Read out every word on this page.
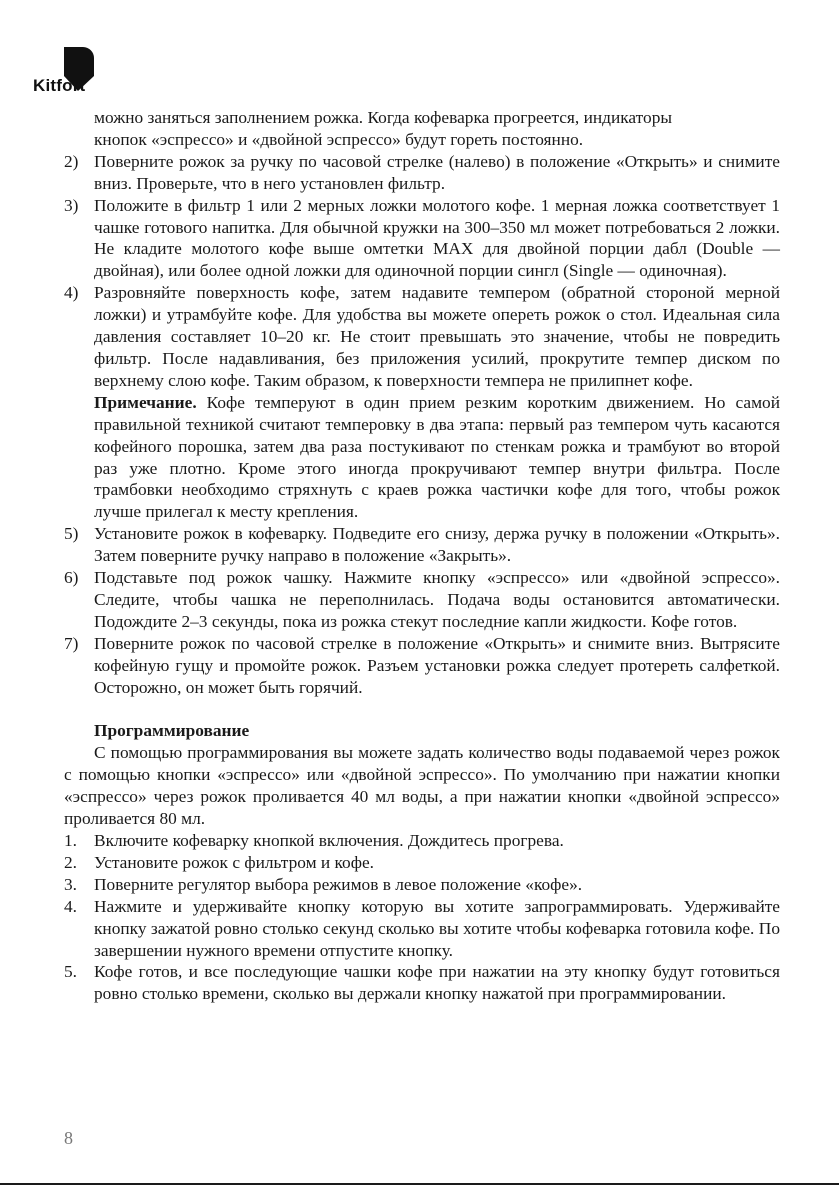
Kitfort
можно заняться заполнением рожка. Когда кофеварка прогреется, индикаторы
кнопок «эспрессо» и «двойной эспрессо» будут гореть постоянно.
2) Поверните рожок за ручку по часовой стрелке (налево) в положение «Открыть» и снимите вниз. Проверьте, что в него установлен фильтр.
3) Положите в фильтр 1 или 2 мерных ложки молотого кофе. 1 мерная ложка соответствует 1 чашке готового напитка. Для обычной кружки на 300–350 мл может потребоваться 2 ложки. Не кладите молотого кофе выше омтетки MAX для двойной порции дабл (Double — двойная), или более одной ложки для одиночной порции сингл (Single — одиночная).
4) Разровняйте поверхность кофе, затем надавите темпером (обратной стороной мерной ложки) и утрамбуйте кофе. Для удобства вы можете опереть рожок о стол. Идеальная сила давления составляет 10–20 кг. Не стоит превышать это значение, чтобы не повредить фильтр. После надавливания, без приложения усилий, прокрутите темпер диском по верхнему слою кофе. Таким образом, к поверхности темпера не прилипнет кофе.

Примечание. Кофе темперуют в один прием резким коротким движением. Но самой правильной техникой считают темперовку в два этапа: первый раз темпером чуть касаются кофейного порошка, затем два раза постукивают по стенкам рожка и трамбуют во второй раз уже плотно. Кроме этого иногда прокручивают темпер внутри фильтра. После трамбовки необходимо стряхнуть с краев рожка частички кофе для того, чтобы рожок лучше прилегал к месту крепления.

5) Установите рожок в кофеварку. Подведите его снизу, держа ручку в положении «Открыть». Затем поверните ручку направо в положение «Закрыть».
6) Подставьте под рожок чашку. Нажмите кнопку «эспрессо» или «двойной эспрессо». Следите, чтобы чашка не переполнилась. Подача воды остановится автоматически. Подождите 2–3 секунды, пока из рожка стекут последние капли жидкости. Кофе готов.
7) Поверните рожок по часовой стрелке в положение «Открыть» и снимите вниз. Вытрясите кофейную гущу и промойте рожок. Разъем установки рожка следует протереть салфеткой. Осторожно, он может быть горячий.
Программирование

С помощью программирования вы можете задать количество воды подаваемой через рожок с помощью кнопки «эспрессо» или «двойной эспрессо». По умолчанию при нажатии кнопки «эспрессо» через рожок проливается 40 мл воды, а при нажатии кнопки «двойной эспрессо» проливается 80 мл.

1. Включите кофеварку кнопкой включения. Дождитесь прогрева.
2. Установите рожок с фильтром и кофе.
3. Поверните регулятор выбора режимов в левое положение «кофе».
4. Нажмите и удерживайте кнопку которую вы хотите запрограммировать. Удерживайте кнопку зажатой ровно столько секунд сколько вы хотите чтобы кофеварка готовила кофе. По завершении нужного времени отпустите кнопку.
5. Кофе готов, и все последующие чашки кофе при нажатии на эту кнопку будут готовиться ровно столько времени, сколько вы держали кнопку нажатой при программировании.
8
